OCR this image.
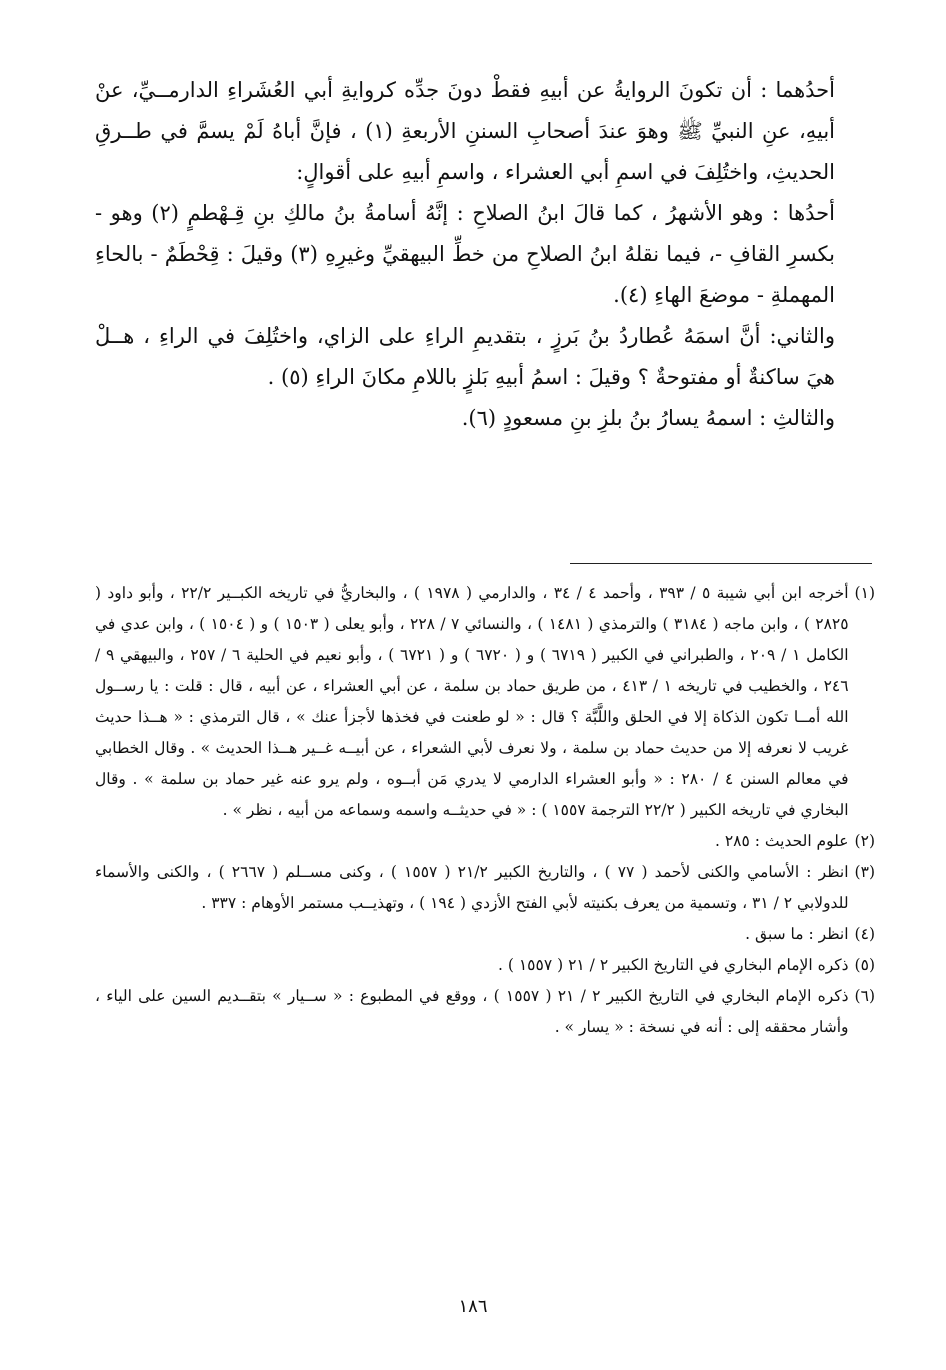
أحدُهما : أن تكونَ الروايةُ عن أبيهِ فقطْ دونَ جدِّه كروايةِ أبي العُشَراءِ الدارمــيِّ، عنْ أبيهِ، عنِ النبيِّ ﷺ وهوَ عندَ أصحابِ السننِ الأربعةِ (١) ، فإنَّ أباهُ لَمْ يسمَّ في طــرقِ الحديثِ، واختُلِفَ في اسمِ أبي العشراء ، واسمِ أبيهِ على أقوالٍ:

أحدُها : وهو الأشهرُ ، كما قالَ ابنُ الصلاحِ : إنَّهُ أسامةُ بنُ مالكِ بنِ قِـهْطمٍ (٢) وهو - بكسرِ القافِ -، فيما نقلهُ ابنُ الصلاحِ من خطِّ البيهقيِّ وغيرِهِ (٣) وقيلَ : قِحْطَمٌ - بالحاءِ المهملةِ - موضعَ الهاءِ (٤).

والثاني: أنَّ اسمَهُ عُطاردُ بنُ بَرزٍ ، بتقديمِ الراءِ على الزاي، واختُلِفَ في الراءِ ، هــلْ هيَ ساكنةٌ أو مفتوحةٌ ؟ وقيلَ : اسمُ أبيهِ بَلزٍ باللامِ مكانَ الراءِ (٥) .

والثالثِ : اسمهُ يسارُ بنُ بلزِ بنِ مسعودٍ (٦).

(١)
أخرجه ابن أبي شيبة ٥ / ٣٩٣ ، وأحمد ٤ / ٣٤ ، والدارمي ( ١٩٧٨ ) ، والبخاريُّ في تاريخه الكبــير ٢٢/٢ ، وأبو داود ( ٢٨٢٥ ) ، وابن ماجه ( ٣١٨٤ ) والترمذي ( ١٤٨١ ) ، والنسائي ٧ / ٢٢٨ ، وأبو يعلى ( ١٥٠٣ ) و ( ١٥٠٤ ) ، وابن عدي في الكامل ١ / ٢٠٩ ، والطبراني في الكبير ( ٦٧١٩ ) و ( ٦٧٢٠ ) و ( ٦٧٢١ ) ، وأبو نعيم في الحلية ٦ / ٢٥٧ ، والبيهقي ٩ / ٢٤٦ ، والخطيب في تاريخه ١ / ٤١٣ ، من طريق حماد بن سلمة ، عن أبي العشراء ، عن أبيه ، قال : قلت : يا رســول الله أمــا تكون الذكاة إلا في الحلق واللَّبَّة ؟ قال : « لو طعنت في فخذها لأجزأ عنك » ، قال الترمذي : « هــذا حديث غريب لا نعرفه إلا من حديث حماد بن سلمة ، ولا نعرف لأبي الشعراء ، عن أبيــه غــير هــذا الحديث » . وقال الخطابي في معالم السنن ٤ / ٢٨٠ : « وأبو العشراء الدارمي لا يدري مَن أبــوه ، ولم يرو عنه غير حماد بن سلمة » . وقال البخاري في تاريخه الكبير ( ٢٢/٢ الترجمة ١٥٥٧ ) : « في حديثــه واسمه وسماعه من أبيه ، نظر » .
(٢)
علوم الحديث : ٢٨٥ .
(٣)
انظر : الأسامي والكنى لأحمد ( ٧٧ ) ، والتاريخ الكبير ٢١/٢ ( ١٥٥٧ ) ، وكنى مســلم ( ٢٦٦٧ ) ، والكنى والأسماء للدولابي ٢ / ٣١ ، وتسمية من يعرف بكنيته لأبي الفتح الأزدي ( ١٩٤ ) ، وتهذيــب مستمر الأوهام : ٣٣٧ .
(٤)
انظر : ما سبق .
(٥)
ذكره الإمام البخاري في التاريخ الكبير ٢ / ٢١ ( ١٥٥٧ ) .
(٦)
ذكره الإمام البخاري في التاريخ الكبير ٢ / ٢١ ( ١٥٥٧ ) ، ووقع في المطبوع : « ســيار » بتقــديم السين على الياء ، وأشار محققه إلى : أنه في نسخة : « يسار » .
١٨٦
